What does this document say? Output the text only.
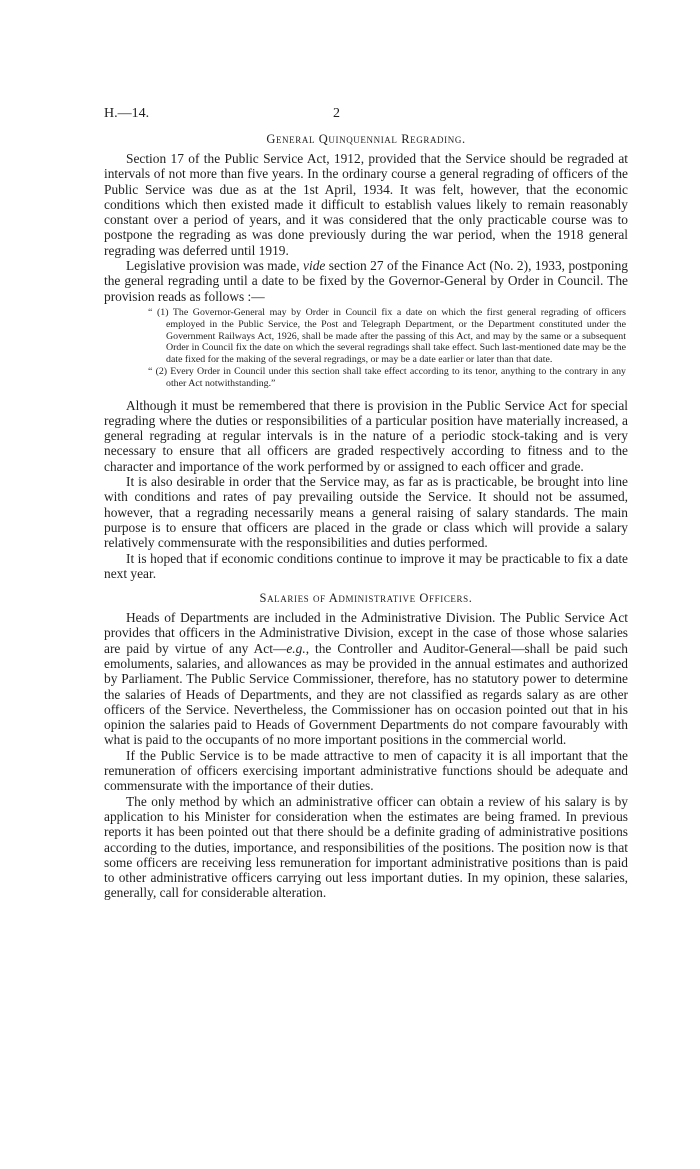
H.—14.	2
General Quinquennial Regrading.

Section 17 of the Public Service Act, 1912, provided that the Service should be regraded at intervals of not more than five years. In the ordinary course a general regrading of officers of the Public Service was due as at the 1st April, 1934. It was felt, however, that the economic conditions which then existed made it difficult to establish values likely to remain reasonably constant over a period of years, and it was considered that the only practicable course was to postpone the regrading as was done previously during the war period, when the 1918 general regrading was deferred until 1919.

Legislative provision was made, vide section 27 of the Finance Act (No. 2), 1933, postponing the general regrading until a date to be fixed by the Governor-General by Order in Council. The provision reads as follows :—

“ (1) The Governor-General may by Order in Council fix a date on which the first general regrading of officers employed in the Public Service, the Post and Telegraph Department, or the Department constituted under the Government Railways Act, 1926, shall be made after the passing of this Act, and may by the same or a subsequent Order in Council fix the date on which the several regradings shall take effect. Such last-mentioned date may be the date fixed for the making of the several regradings, or may be a date earlier or later than that date.
“ (2) Every Order in Council under this section shall take effect according to its tenor, anything to the contrary in any other Act notwithstanding.”

Although it must be remembered that there is provision in the Public Service Act for special regrading where the duties or responsibilities of a particular position have materially increased, a general regrading at regular intervals is in the nature of a periodic stock-taking and is very necessary to ensure that all officers are graded respectively according to fitness and to the character and importance of the work performed by or assigned to each officer and grade.

It is also desirable in order that the Service may, as far as is practicable, be brought into line with conditions and rates of pay prevailing outside the Service. It should not be assumed, however, that a regrading necessarily means a general raising of salary standards. The main purpose is to ensure that officers are placed in the grade or class which will provide a salary relatively commensurate with the responsibilities and duties performed.

It is hoped that if economic conditions continue to improve it may be practicable to fix a date next year.

Salaries of Administrative Officers.

Heads of Departments are included in the Administrative Division. The Public Service Act provides that officers in the Administrative Division, except in the case of those whose salaries are paid by virtue of any Act—e.g., the Controller and Auditor-General—shall be paid such emoluments, salaries, and allowances as may be provided in the annual estimates and authorized by Parliament. The Public Service Commissioner, therefore, has no statutory power to determine the salaries of Heads of Departments, and they are not classified as regards salary as are other officers of the Service. Nevertheless, the Commissioner has on occasion pointed out that in his opinion the salaries paid to Heads of Government Departments do not compare favourably with what is paid to the occupants of no more important positions in the commercial world.

If the Public Service is to be made attractive to men of capacity it is all important that the remuneration of officers exercising important administrative functions should be adequate and commensurate with the importance of their duties.

The only method by which an administrative officer can obtain a review of his salary is by application to his Minister for consideration when the estimates are being framed. In previous reports it has been pointed out that there should be a definite grading of administrative positions according to the duties, importance, and responsibilities of the positions. The position now is that some officers are receiving less remuneration for important administrative positions than is paid to other administrative officers carrying out less important duties. In my opinion, these salaries, generally, call for considerable alteration.
